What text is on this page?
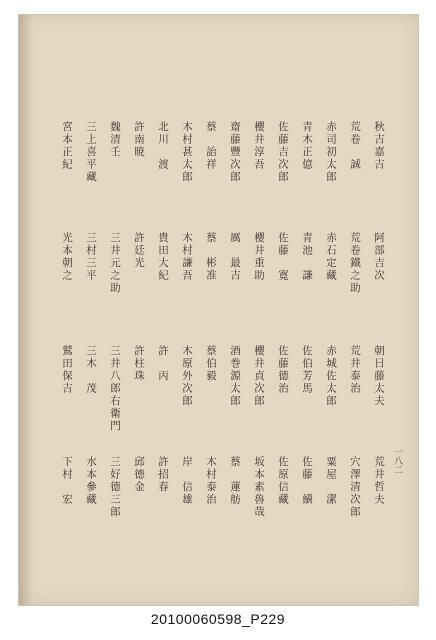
一八二
秋吉嘉吉
阿部吉次
朝日藤太夫
荒井哲夫
荒卷　誠
荒卷鐵之助
荒井泰治
穴澤清次郎
赤司初太郎
赤石定藏
赤城佐太郎
粟屋　潔
青木正億
青池　謙
佐伯芳馬
佐藤　續
佐藤吉次郎
佐藤　寛
佐藤德治
佐原信藏
櫻井淳吾
櫻井重助
櫻井貞次郎
坂本素魯哉
齋藤豐次郎
厲　最吉
酒巻源太郎
蔡　蓮舫
蔡　詒祥
蔡　彬准
蔡伯毅
木村泰治
木村甚太郎
木村謙吾
木原外次郎
岸　信雄
北川　渡
貴田大紀
許　丙
許招春
許南暁
許廷光
許柱珠
邱德金
魏清壬
三井元之助
三井八郎右衛門
三好德三郎
三上喜平藏
三村三平
三木　茂
水本參藏
宮本正紀
光本朝之
鷲田保吉
下村　宏
20100060598_P229
